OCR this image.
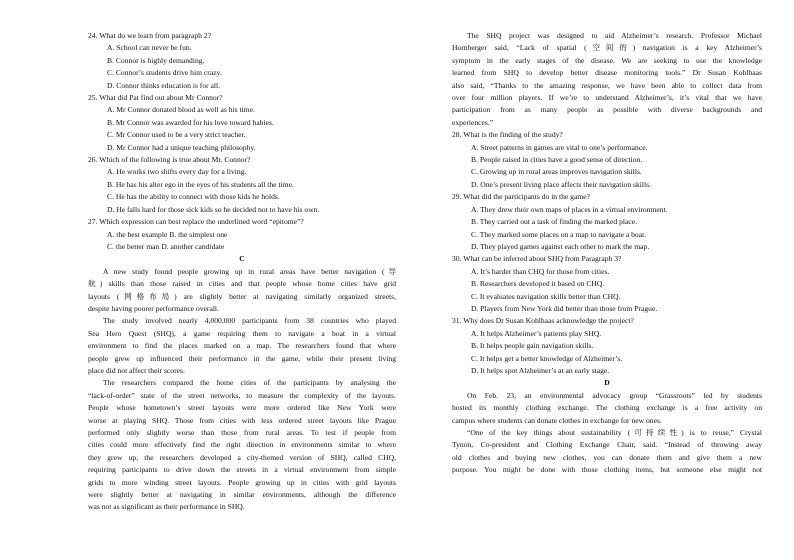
24. What do we learn from paragraph 2?
A. School can never be fun.
B. Connor is highly demanding.
C. Connor’s students drive him crazy.
D. Connor thinks education is for all.
25. What did Pat find out about Mr Connor?
A. Mr Connor donated blood as well as his time.
B. Mr Connor was awarded for his love toward babies.
C. Mr Connor used to be a very strict teacher.
D. Mr Connor had a unique teaching philosophy.
26. Which of the following is true about Mr. Connor?
A. He works two shifts every day for a living.
B. He has his alter ego in the eyes of his students all the time.
C. He has the ability to connect with those kids he holds.
D. He falls hard for those sick kids so he decided not to have his own.
27. Which expression can best replace the underlined word “epitome”?
A. the best example B. the simplest one
C. the better man D. another candidate
C
A new study found people growing up in rural areas have better navigation (导
航) skills than those raised in cities and that people whose home cities have grid
layouts (网格布局) are slightly better at navigating similarly organized streets,
despite having poorer performance overall.
The study involved nearly 4,000,000 participants from 38 countries who played
Sea Hero Quest (SHQ), a game requiring them to navigate a boat in a virtual
environment to find the places marked on a map. The researchers found that where
people grew up influenced their performance in the game, while their present living
place did not affect their scores.
The researchers compared the home cities of the participants by analysing the
“lack-of-order” state of the street networks, to measure the complexity of the layouts.
People whose hometown’s street layouts were more ordered like New York were
worse at playing SHQ. Those from cities with less ordered street layouts like Prague
performed only slightly worse than those from rural areas. To test if people from
cities could more effectively find the right direction in environments similar to where
they grew up, the researchers developed a city-themed version of SHQ, called CHQ,
requiring participants to drive down the streets in a virtual environment from simple
grids to more winding street layouts. People growing up in cities with grid layouts
were slightly better at navigating in similar environments, although the difference
was not as significant as their performance in SHQ.
The SHQ project was designed to aid Alzheimer’s research. Professor Michael
Hornberger said, “Lack of spatial (空间的) navigation is a key Alzheimer’s
symptom in the early stages of the disease. We are seeking to use the knowledge
learned from SHQ to develop better disease monitoring tools.” Dr Susan Kohlhaas
also said, “Thanks to the amazing response, we have been able to collect data from
over four million players. If we’re to understand Alzheimer’s, it’s vital that we have
participation from as many people as possible with diverse backgrounds and
experiences.”
28. What is the finding of the study?
A. Street patterns in games are vital to one’s performance.
B. People raised in cities have a good sense of direction.
C. Growing up in rural areas improves navigation skills.
D. One’s present living place affects their navigation skills.
29. What did the participants do in the game?
A. They drew their own maps of places in a virtual environment.
B. They carried out a task of finding the marked place.
C. They marked some places on a map to navigate a boat.
D. They played games against each other to mark the map.
30. What can be inferred about SHQ from Paragraph 3?
A. It’s harder than CHQ for those from cities.
B. Researchers developed it based on CHQ.
C. It evaluates navigation skills better than CHQ.
D. Players from New York did better than those from Prague.
31. Why does Dr Susan Kohlhaas acknowledge the project?
A. It helps Alzheimer’s patients play SHQ.
B. It helps people gain navigation skills.
C. It helps get a better knowledge of Alzheimer’s.
D. It helps spot Alzheimer’s at an early stage.
D
On Feb. 23, an environmental advocacy group “Grassroots” led by students
hosted its monthly clothing exchange. The clothing exchange is a free activity on
campus where students can donate clothes in exchange for new ones.
“One of the key things about sustainability (可持续性) is to reuse,” Crystal
Tynon, Co-president and Clothing Exchange Chair, said. “Instead of throwing away
old clothes and buying new clothes, you can donate them and give them a new
purpose. You might be done with those clothing items, but someone else might not
